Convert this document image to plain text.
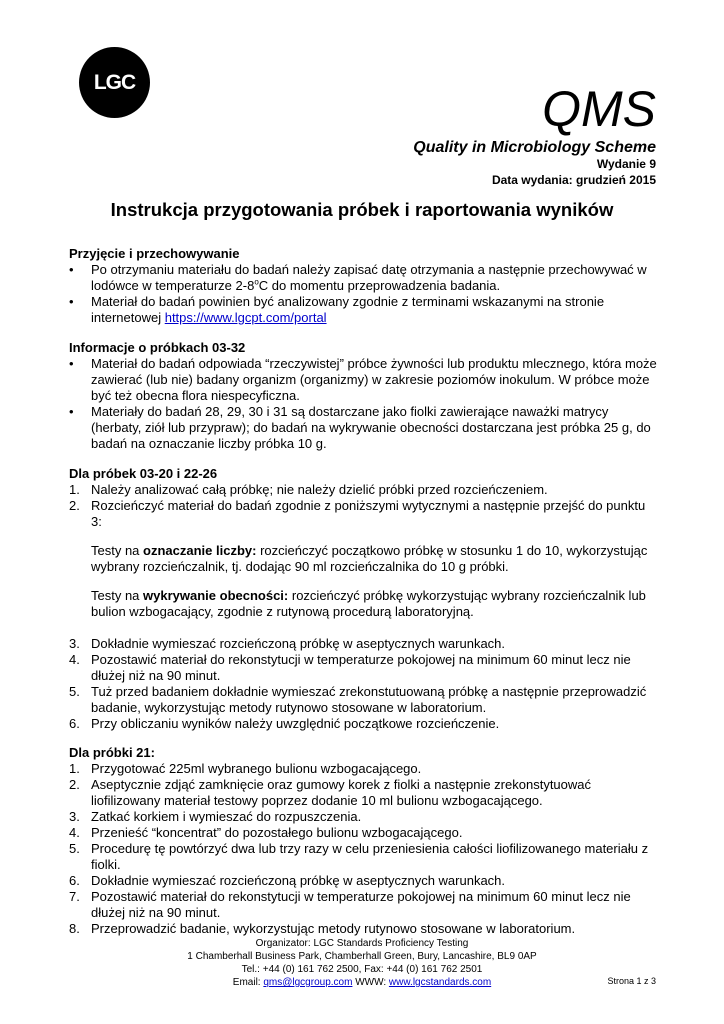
LGC	QMS
Quality in Microbiology Scheme
Wydanie 9
Data wydania: grudzień 2015
Instrukcja przygotowania próbek i raportowania wyników
Przyjęcie i przechowywanie
• Po otrzymaniu materiału do badań należy zapisać datę otrzymania a następnie przechowywać w lodówce w temperaturze 2-8$^o$C do momentu przeprowadzenia badania.
• Materiał do badań powinien być analizowany zgodnie z terminami wskazanymi na stronie internetowej https://www.lgcpt.com/portal
Informacje o próbkach 03-32
• Materiał do badań odpowiada “rzeczywistej” próbce żywności lub produktu mlecznego, która może zawierać (lub nie) badany organizm (organizmy) w zakresie poziomów inokulum. W próbce może być też obecna flora niespecyficzna.
• Materiały do badań 28, 29, 30 i 31 są dostarczane jako fiolki zawierające naważki matrycy (herbaty, ziół lub przypraw); do badań na wykrywanie obecności dostarczana jest próbka 25 g, do badań na oznaczanie liczby próbka 10 g.
Dla próbek 03-20 i 22-26
1. Należy analizować całą próbkę; nie należy dzielić próbki przed rozcieńczeniem.
2. Rozcieńczyć materiał do badań zgodnie z poniższymi wytycznymi a następnie przejść do punktu 3:
Testy na oznaczanie liczby: rozcieńczyć początkowo próbkę w stosunku 1 do 10, wykorzystując wybrany rozcieńczalnik, tj. dodając 90 ml rozcieńczalnika do 10 g próbki.
Testy na wykrywanie obecności: rozcieńczyć próbkę wykorzystując wybrany rozcieńczalnik lub bulion wzbogacający, zgodnie z rutynową procedurą laboratoryjną.
3. Dokładnie wymieszać rozcieńczoną próbkę w aseptycznych warunkach.
4. Pozostawić materiał do rekonstytucji w temperaturze pokojowej na minimum 60 minut lecz nie dłużej niż na 90 minut.
5. Tuż przed badaniem dokładnie wymieszać zrekonstutuowaną próbkę a następnie przeprowadzić badanie, wykorzystując metody rutynowo stosowane w laboratorium.
6. Przy obliczaniu wyników należy uwzględnić początkowe rozcieńczenie.
Dla próbki 21:
1. Przygotować 225ml wybranego bulionu wzbogacającego.
2. Aseptycznie zdjąć zamknięcie oraz gumowy korek z fiolki a następnie zrekonstytuować liofilizowany materiał testowy poprzez dodanie 10 ml bulionu wzbogacającego.
3. Zatkać korkiem i wymieszać do rozpuszczenia.
4. Przenieść “koncentrat” do pozostałego bulionu wzbogacającego.
5. Procedurę tę powtórzyć dwa lub trzy razy w celu przeniesienia całości liofilizowanego materiału z fiolki.
6. Dokładnie wymieszać rozcieńczoną próbkę w aseptycznych warunkach.
7. Pozostawić materiał do rekonstytucji w temperaturze pokojowej na minimum 60 minut lecz nie dłużej niż na 90 minut.
8. Przeprowadzić badanie, wykorzystując metody rutynowo stosowane w laboratorium.
Organizator: LGC Standards Proficiency Testing
1 Chamberhall Business Park, Chamberhall Green, Bury, Lancashire, BL9 0AP
Tel.: +44 (0) 161 762 2500, Fax: +44 (0) 161 762 2501
Email: qms@lgcgroup.com WWW: www.lgcstandards.com	Strona 1 z 3
